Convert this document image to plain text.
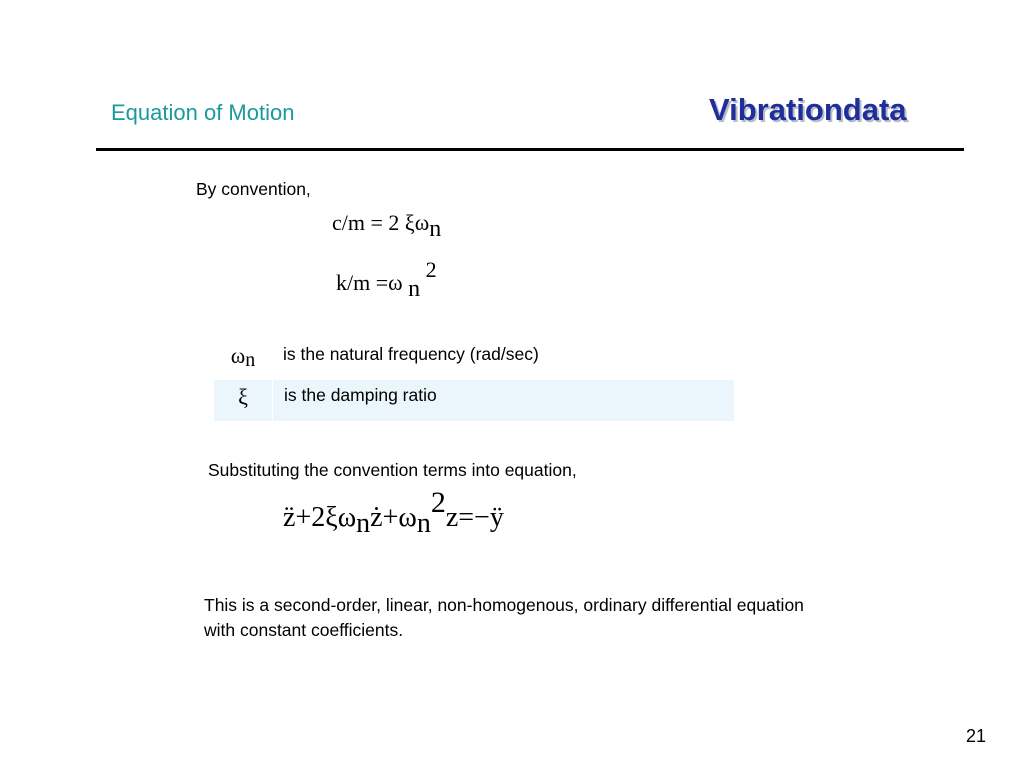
Equation of Motion	Vibrationdata
By convention,
c/m = 2 ξωn
k/m =ω n 2
ωn	is the natural frequency (rad/sec)
ξ	is the damping ratio
Substituting the convention terms into equation,
z̈+2ξωnż+ωn2z=−ÿ
This is a second-order, linear, non-homogenous, ordinary differential equation
with constant coefficients.
21
